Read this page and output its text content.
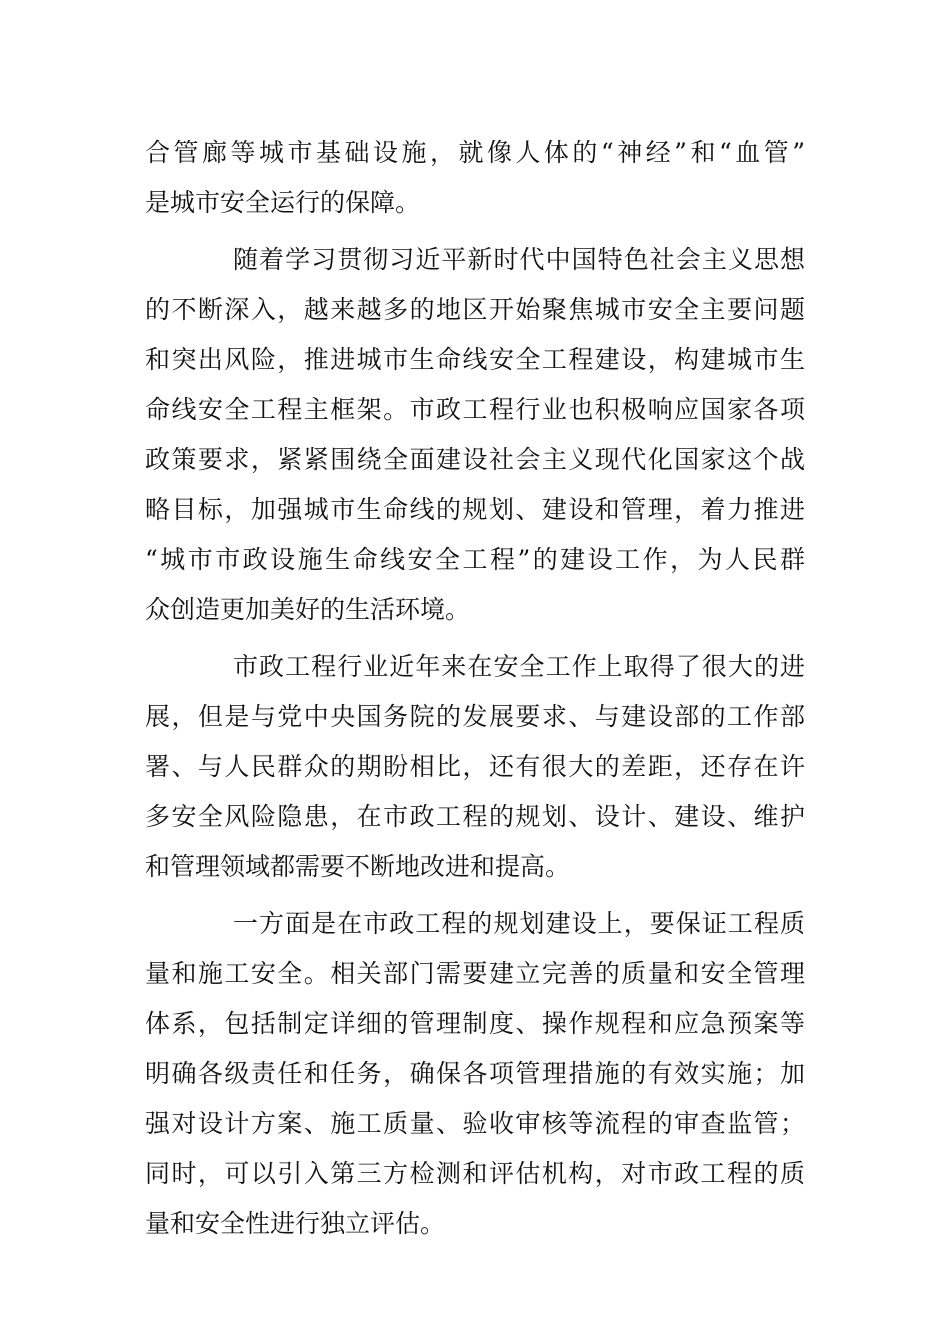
合管廊等城市基础设施，就像人体的“神经”和“血管”
是城市安全运行的保障。
随着学习贯彻习近平新时代中国特色社会主义思想
的不断深入，越来越多的地区开始聚焦城市安全主要问题
和突出风险，推进城市生命线安全工程建设，构建城市生
命线安全工程主框架。市政工程行业也积极响应国家各项
政策要求，紧紧围绕全面建设社会主义现代化国家这个战
略目标，加强城市生命线的规划、建设和管理，着力推进
“城市市政设施生命线安全工程”的建设工作，为人民群
众创造更加美好的生活环境。
市政工程行业近年来在安全工作上取得了很大的进
展，但是与党中央国务院的发展要求、与建设部的工作部
署、与人民群众的期盼相比，还有很大的差距，还存在许
多安全风险隐患，在市政工程的规划、设计、建设、维护
和管理领域都需要不断地改进和提高。
一方面是在市政工程的规划建设上，要保证工程质
量和施工安全。相关部门需要建立完善的质量和安全管理
体系，包括制定详细的管理制度、操作规程和应急预案等
明确各级责任和任务，确保各项管理措施的有效实施；加
强对设计方案、施工质量、验收审核等流程的审查监管；
同时，可以引入第三方检测和评估机构，对市政工程的质
量和安全性进行独立评估。
